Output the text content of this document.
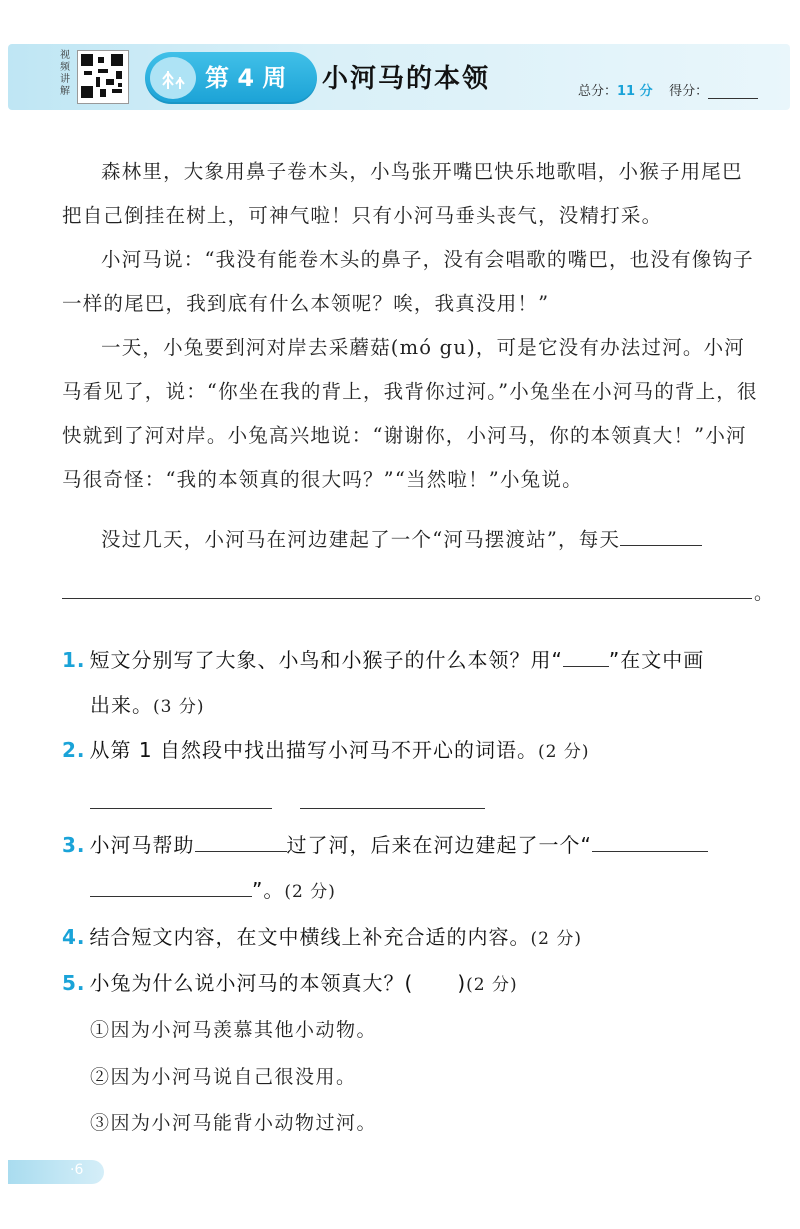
视频讲解	第 4 周 小河马的本领	总分：11 分 得分：
森林里，大象用鼻子卷木头，小鸟张开嘴巴快乐地歌唱，小猴子用尾巴把自己倒挂在树上，可神气啦！只有小河马垂头丧气，没精打采。
小河马说：“我没有能卷木头的鼻子，没有会唱歌的嘴巴，也没有像钩子一样的尾巴，我到底有什么本领呢？唉，我真没用！”
一天，小兔要到河对岸去采蘑菇(mó gu)，可是它没有办法过河。小河马看见了，说：“你坐在我的背上，我背你过河。”小兔坐在小河马的背上，很快就到了河对岸。小兔高兴地说：“谢谢你，小河马，你的本领真大！”小河马很奇怪：“我的本领真的很大吗？”“当然啦！”小兔说。
没过几天，小河马在河边建起了一个“河马摆渡站”，每天
。
1. 短文分别写了大象、小鸟和小猴子的什么本领？用“ ”在文中画
出来。(3 分)
2. 从第 1 自然段中找出描写小河马不开心的词语。(2 分)
3. 小河马帮助	过了河，后来在河边建起了一个“
”。(2 分)
4. 结合短文内容，在文中横线上补充合适的内容。(2 分)
5. 小兔为什么说小河马的本领真大？( )(2 分)
①因为小河马羡慕其他小动物。
②因为小河马说自己很没用。
③因为小河马能背小动物过河。
·6
